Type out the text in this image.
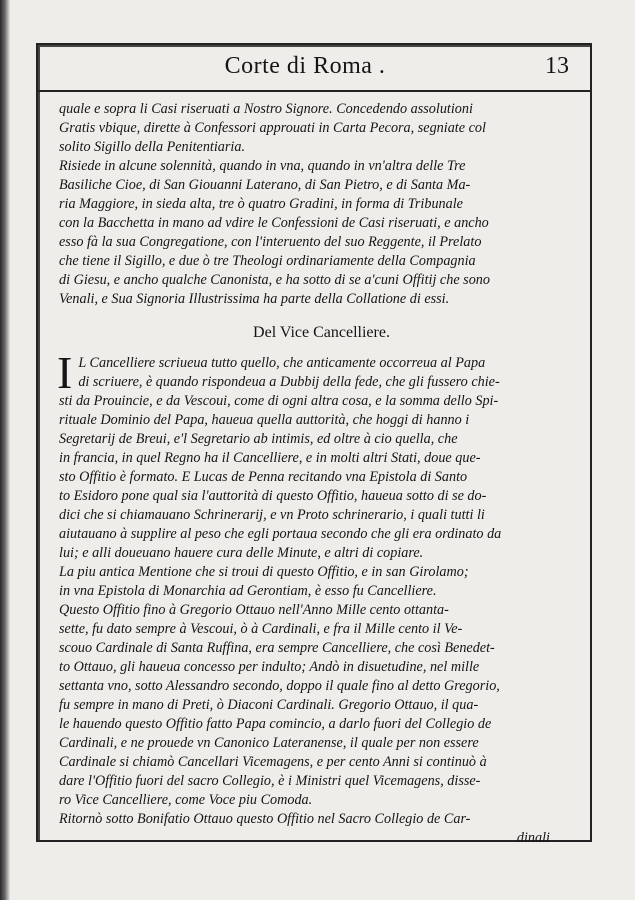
Corte di Roma .	13
quale e sopra li Casi riseruati a Nostro Signore. Concedendo assolutioni
Gratis vbique, dirette à Confessori approuati in Carta Pecora, segniate col
solito Sigillo della Penitentiaria.
Risiede in alcune solennità, quando in vna, quando in vn'altra delle Tre
Basiliche Cioe, di San Giouanni Laterano, di San Pietro, e di Santa Ma-
ria Maggiore, in sieda alta, tre ò quatro Gradini, in forma di Tribunale
con la Bacchetta in mano ad vdire le Confessioni de Casi riseruati, e ancho
esso fà la sua Congregatione, con l'interuento del suo Reggente, il Prelato
che tiene il Sigillo, e due ò tre Theologi ordinariamente della Compagnia
di Giesu, e ancho qualche Canonista, e ha sotto di se a'cuni Offitij che sono
Venali, e Sua Signoria Illustrissima ha parte della Collatione di essi.
Del Vice Cancelliere.
I L Cancelliere scriueua tutto quello, che anticamente occorreua al Papa
di scriuere, è quando rispondeua a Dubbij della fede, che gli fussero chie-
sti da Prouincie, e da Vescoui, come di ogni altra cosa, e la somma dello Spi-
rituale Dominio del Papa, haueua quella auttorità, che hoggi di hanno i
Segretarij de Breui, e'l Segretario ab intimis, ed oltre à cio quella, che
in francia, in quel Regno ha il Cancelliere, e in molti altri Stati, doue que-
sto Offitio è formato. E Lucas de Penna recitando vna Epistola di Santo
to Esidoro pone qual sia l'auttorità di questo Offitio, haueua sotto di se do-
dici che si chiamauano Schrinerarij, e vn Proto schrinerario, i quali tutti li
aiutauano à supplire al peso che egli portaua secondo che gli era ordinato da
lui; e alli doueuano hauere cura delle Minute, e altri di copiare.
La piu antica Mentione che si troui di questo Offitio, e in san Girolamo;
in vna Epistola di Monarchia ad Gerontiam, è esso fu Cancelliere.
Questo Offitio fino à Gregorio Ottauo nell'Anno Mille cento ottanta-
sette, fu dato sempre à Vescoui, ò à Cardinali, e fra il Mille cento il Ve-
scouo Cardinale di Santa Ruffina, era sempre Cancelliere, che così Benedet-
to Ottauo, gli haueua concesso per indulto; Andò in disuetudine, nel mille
settanta vno, sotto Alessandro secondo, doppo il quale fino al detto Gregorio,
fu sempre in mano di Preti, ò Diaconi Cardinali. Gregorio Ottauo, il qua-
le hauendo questo Offitio fatto Papa comincio, a darlo fuori del Collegio de
Cardinali, e ne prouede vn Canonico Lateranense, il quale per non essere
Cardinale si chiamò Cancellari Vicemagens, e per cento Anni si continuò à
dare l'Offitio fuori del sacro Collegio, è i Ministri quel Vicemagens, disse-
ro Vice Cancelliere, come Voce piu Comoda.
Ritornò sotto Bonifatio Ottauo questo Offitio nel Sacro Collegio de Car-
dinali
